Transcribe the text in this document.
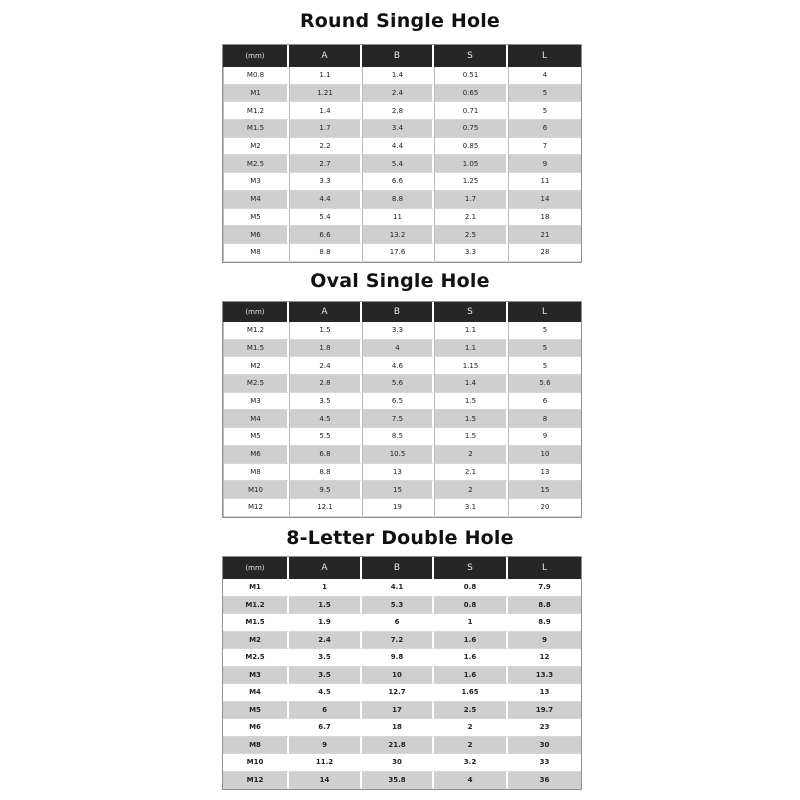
Round Single Hole
(mm)	A	B	S	L
M0.8	1.1	1.4	0.51	4
M1	1.21	2.4	0.65	5
M1.2	1.4	2.8	0.71	5
M1.5	1.7	3.4	0.75	6
M2	2.2	4.4	0.85	7
M2.5	2.7	5.4	1.05	9
M3	3.3	6.6	1.25	11
M4	4.4	8.8	1.7	14
M5	5.4	11	2.1	18
M6	6.6	13.2	2.5	21
M8	8.8	17.6	3.3	28
Oval Single Hole
(mm)	A	B	S	L
M1.2	1.5	3.3	1.1	5
M1.5	1.8	4	1.1	5
M2	2.4	4.6	1.15	5
M2.5	2.8	5.6	1.4	5.6
M3	3.5	6.5	1.5	6
M4	4.5	7.5	1.5	8
M5	5.5	8.5	1.5	9
M6	6.8	10.5	2	10
M8	8.8	13	2.1	13
M10	9.5	15	2	15
M12	12.1	19	3.1	20
8-Letter Double Hole
(mm)	A	B	S	L
M1	1	4.1	0.8	7.9
M1.2	1.5	5.3	0.8	8.8
M1.5	1.9	6	1	8.9
M2	2.4	7.2	1.6	9
M2.5	3.5	9.8	1.6	12
M3	3.5	10	1.6	13.3
M4	4.5	12.7	1.65	13
M5	6	17	2.5	19.7
M6	6.7	18	2	23
M8	9	21.8	2	30
M10	11.2	30	3.2	33
M12	14	35.8	4	36
